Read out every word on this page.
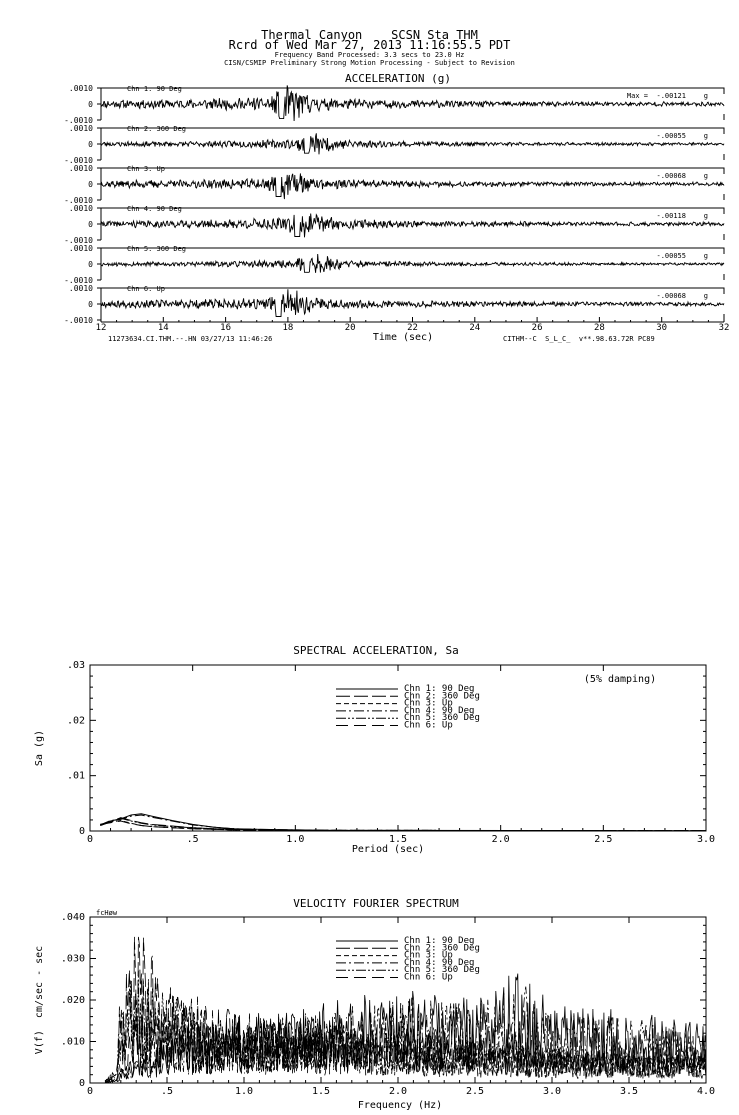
Thermal Canyon    SCSN Sta THM
Rcrd of Wed Mar 27, 2013 11:16:55.5 PDT
Frequency Band Processed: 3.3 secs to 23.0 Hz
CISN/CSMIP Preliminary Strong Motion Processing - Subject to Revision
ACCELERATION (g)
Time (sec)
11273634.CI.THM.--.HN 03/27/13 11:46:26	CITHM--C  S_L_C_  v**.98.63.72R PC89
.0010
0
-.0010
Chn 1: 90 Deg
Max = -.00121	g
.0010
0
-.0010
Chn 2: 360 Deg
-.00055	g
.0010
0
-.0010
Chn 3: Up
-.00068	g
.0010
0
-.0010
Chn 4: 90 Deg
-.00118	g
.0010
0
-.0010
Chn 5: 360 Deg
-.00055	g
.0010
0
-.0010
Chn 6: Up
-.00068	g
12	14	16	18	20	22	24	26	28	30	32
SPECTRAL ACCELERATION, Sa
(5% damping)
Period (sec)
Sa (g)
.5	1.0	1.5	2.0	2.5	3.0
0
.03
.02
.01
0
Chn 1: 90 Deg
Chn 2: 360 Deg
Chn 3: Up
Chn 4: 90 Deg
Chn 5: 360 Deg
Chn 6: Up
VELOCITY FOURIER SPECTRUM
fcHøw
Frequency (Hz)
V(f)  cm/sec - sec
.5	1.0	1.5	2.0	2.5	3.0	3.5	4.0
0
.040
.030
.020
.010
0
Chn 1: 90 Deg
Chn 2: 360 Deg
Chn 3: Up
Chn 4: 90 Deg
Chn 5: 360 Deg
Chn 6: Up
